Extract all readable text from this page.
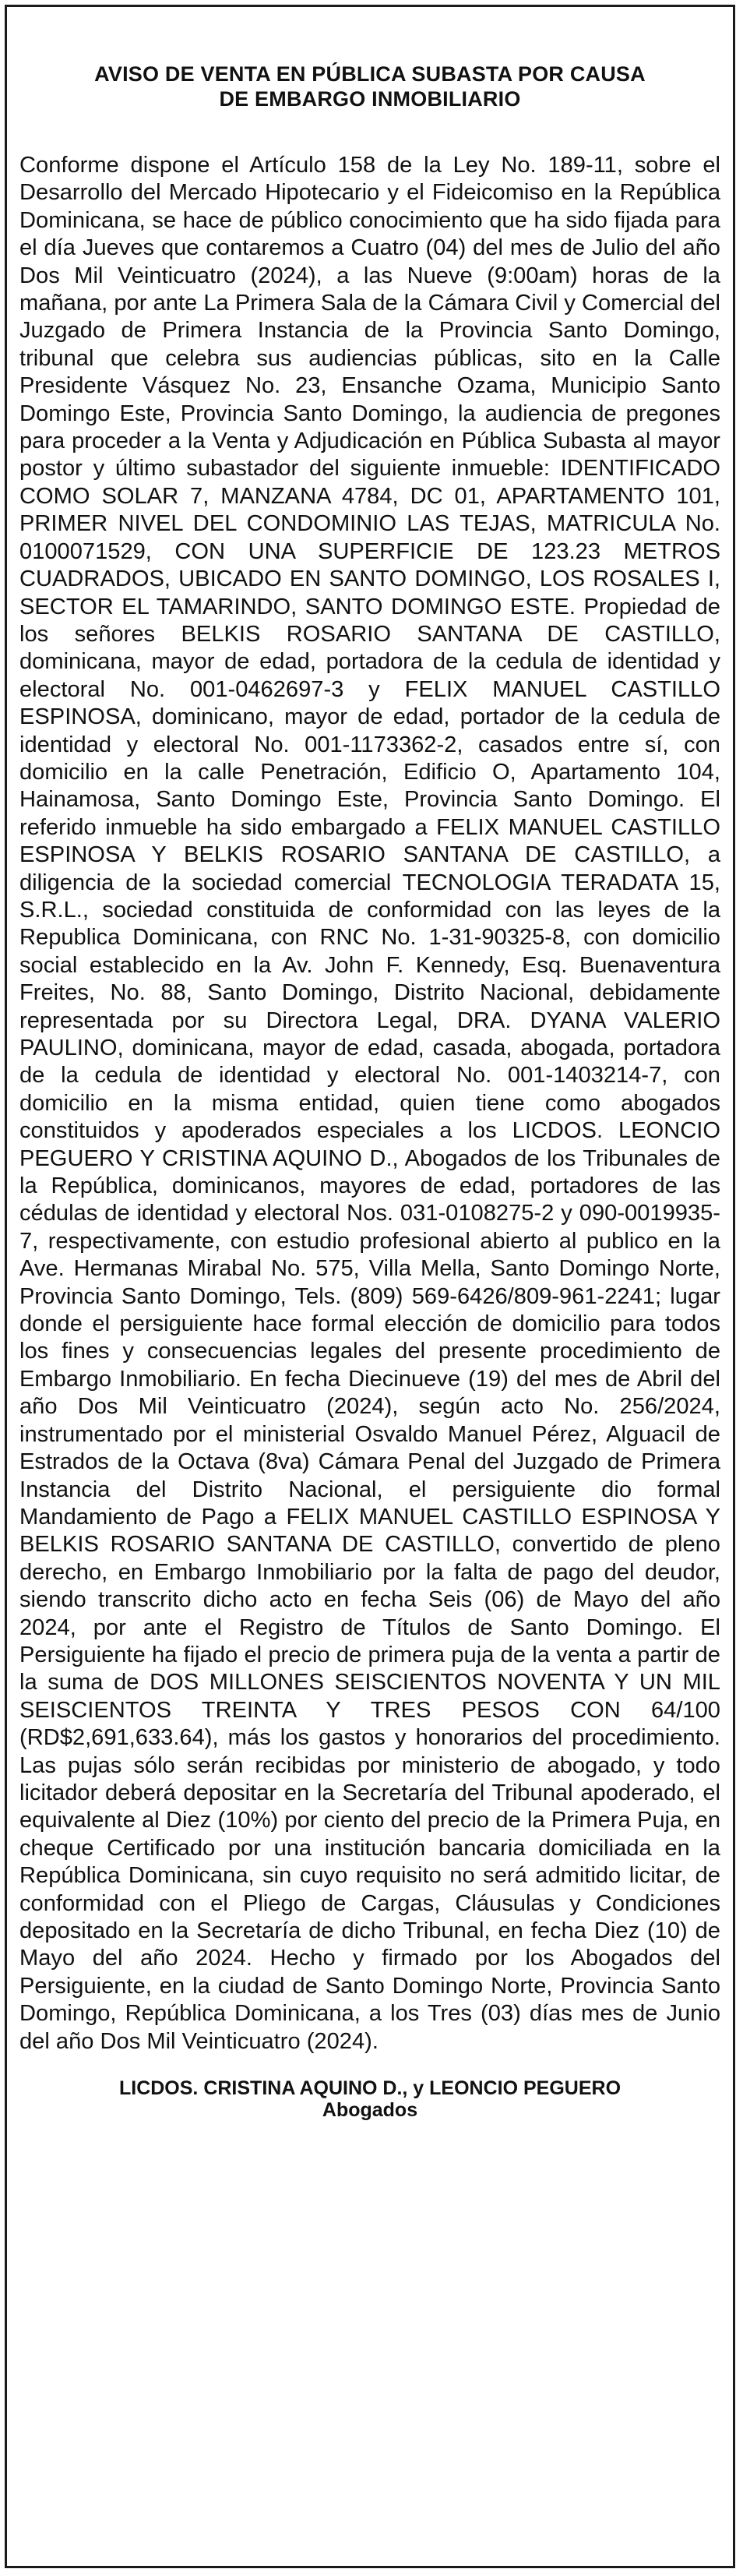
AVISO DE VENTA EN PÚBLICA SUBASTA POR CAUSA
DE EMBARGO INMOBILIARIO

Conforme dispone el Artículo 158 de la Ley No. 189-11, sobre el Desarrollo del Mercado Hipotecario y el Fideicomiso en la República Dominicana, se hace de público conocimiento que ha sido fijada para el día Jueves que contaremos a Cuatro (04) del mes de Julio del año Dos Mil Veinticuatro (2024), a las Nueve (9:00am) horas de la mañana, por ante La Primera Sala de la Cámara Civil y Comercial del Juzgado de Primera Instancia de la Provincia Santo Domingo, tribunal que celebra sus audiencias públicas, sito en la Calle Presidente Vásquez No. 23, Ensanche Ozama, Municipio Santo Domingo Este, Provincia Santo Domingo, la audiencia de pregones para proceder a la Venta y Adjudicación en Pública Subasta al mayor postor y último subastador del siguiente inmueble: IDENTIFICADO COMO SOLAR 7, MANZANA 4784, DC 01, APARTAMENTO 101, PRIMER NIVEL DEL CONDOMINIO LAS TEJAS, MATRICULA No. 0100071529, CON UNA SUPERFICIE DE 123.23 METROS CUADRADOS, UBICADO EN SANTO DOMINGO, LOS ROSALES I, SECTOR EL TAMARINDO, SANTO DOMINGO ESTE. Propiedad de los señores BELKIS ROSARIO SANTANA DE CASTILLO, dominicana, mayor de edad, portadora de la cedula de identidad y electoral No. 001-0462697-3 y FELIX MANUEL CASTILLO ESPINOSA, dominicano, mayor de edad, portador de la cedula de identidad y electoral No. 001-1173362-2, casados entre sí, con domicilio en la calle Penetración, Edificio O, Apartamento 104, Hainamosa, Santo Domingo Este, Provincia Santo Domingo. El referido inmueble ha sido embargado a FELIX MANUEL CASTILLO ESPINOSA Y BELKIS ROSARIO SANTANA DE CASTILLO, a diligencia de la sociedad comercial TECNOLOGIA TERADATA 15, S.R.L., sociedad constituida de conformidad con las leyes de la Republica Dominicana, con RNC No. 1-31-90325-8, con domicilio social establecido en la Av. John F. Kennedy, Esq. Buenaventura Freites, No. 88, Santo Domingo, Distrito Nacional, debidamente representada por su Directora Legal, DRA. DYANA VALERIO PAULINO, dominicana, mayor de edad, casada, abogada, portadora de la cedula de identidad y electoral No. 001-1403214-7, con domicilio en la misma entidad, quien tiene como abogados constituidos y apoderados especiales a los LICDOS. LEONCIO PEGUERO Y CRISTINA AQUINO D., Abogados de los Tribunales de la República, dominicanos, mayores de edad, portadores de las cédulas de identidad y electoral Nos. 031-0108275-2 y 090-0019935-7, respectivamente, con estudio profesional abierto al publico en la Ave. Hermanas Mirabal No. 575, Villa Mella, Santo Domingo Norte, Provincia Santo Domingo, Tels. (809) 569-6426/809-961-2241; lugar donde el persiguiente hace formal elección de domicilio para todos los fines y consecuencias legales del presente procedimiento de Embargo Inmobiliario. En fecha Diecinueve (19) del mes de Abril del año Dos Mil Veinticuatro (2024), según acto No. 256/2024, instrumentado por el ministerial Osvaldo Manuel Pérez, Alguacil de Estrados de la Octava (8va) Cámara Penal del Juzgado de Primera Instancia del Distrito Nacional, el persiguiente dio formal Mandamiento de Pago a FELIX MANUEL CASTILLO ESPINOSA Y BELKIS ROSARIO SANTANA DE CASTILLO, convertido de pleno derecho, en Embargo Inmobiliario por la falta de pago del deudor, siendo transcrito dicho acto en fecha Seis (06) de Mayo del año 2024, por ante el Registro de Títulos de Santo Domingo. El Persiguiente ha fijado el precio de primera puja de la venta a partir de la suma de DOS MILLONES SEISCIENTOS NOVENTA Y UN MIL SEISCIENTOS TREINTA Y TRES PESOS CON 64/100 (RD$2,691,633.64), más los gastos y honorarios del procedimiento. Las pujas sólo serán recibidas por ministerio de abogado, y todo licitador deberá depositar en la Secretaría del Tribunal apoderado, el equivalente al Diez (10%) por ciento del precio de la Primera Puja, en cheque Certificado por una institución bancaria domiciliada en la República Dominicana, sin cuyo requisito no será admitido licitar, de conformidad con el Pliego de Cargas, Cláusulas y Condiciones depositado en la Secretaría de dicho Tribunal, en fecha Diez (10) de Mayo del año 2024. Hecho y firmado por los Abogados del Persiguiente, en la ciudad de Santo Domingo Norte, Provincia Santo Domingo, República Dominicana, a los Tres (03) días mes de Junio del año Dos Mil Veinticuatro (2024).

LICDOS. CRISTINA AQUINO D., y LEONCIO PEGUERO
Abogados
